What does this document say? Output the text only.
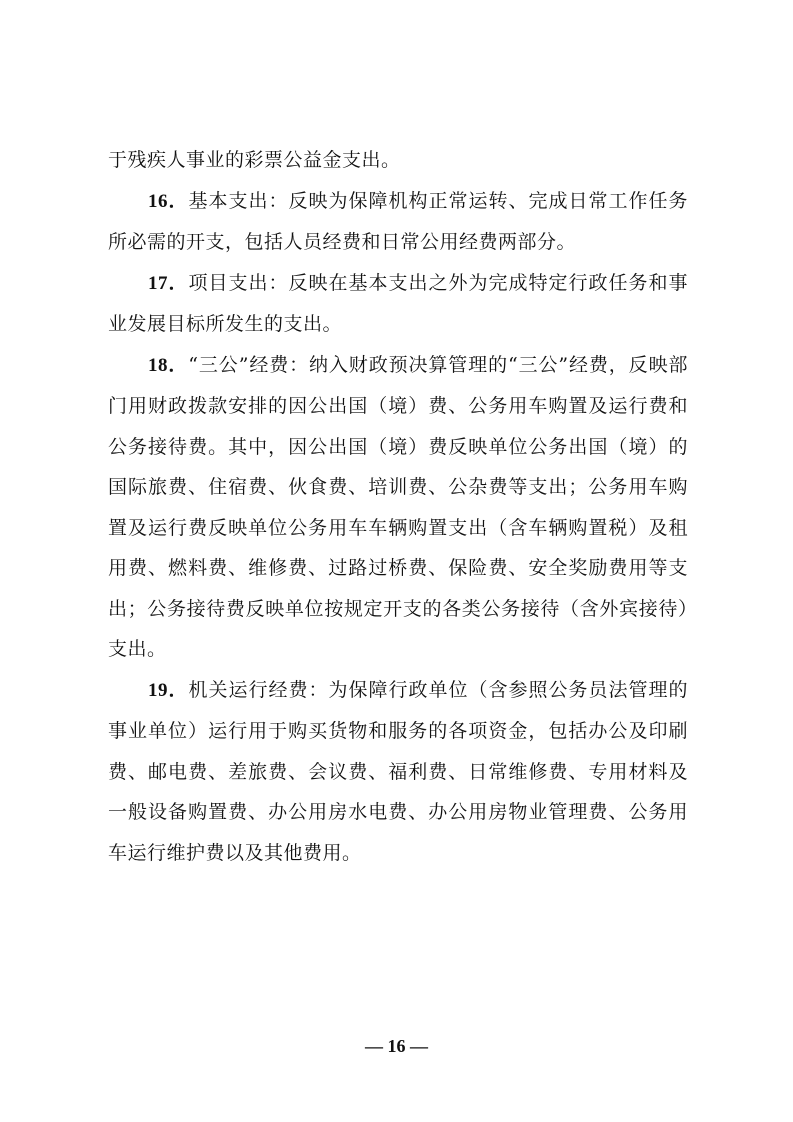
于残疾人事业的彩票公益金支出。

16．基本支出：反映为保障机构正常运转、完成日常工作任务所必需的开支，包括人员经费和日常公用经费两部分。

17．项目支出：反映在基本支出之外为完成特定行政任务和事业发展目标所发生的支出。

18．“三公”经费：纳入财政预决算管理的“三公”经费，反映部门用财政拨款安排的因公出国（境）费、公务用车购置及运行费和公务接待费。其中，因公出国（境）费反映单位公务出国（境）的国际旅费、住宿费、伙食费、培训费、公杂费等支出；公务用车购置及运行费反映单位公务用车车辆购置支出（含车辆购置税）及租用费、燃料费、维修费、过路过桥费、保险费、安全奖励费用等支出；公务接待费反映单位按规定开支的各类公务接待（含外宾接待）支出。

19．机关运行经费：为保障行政单位（含参照公务员法管理的事业单位）运行用于购买货物和服务的各项资金，包括办公及印刷费、邮电费、差旅费、会议费、福利费、日常维修费、专用材料及一般设备购置费、办公用房水电费、办公用房物业管理费、公务用车运行维护费以及其他费用。

— 16 —
